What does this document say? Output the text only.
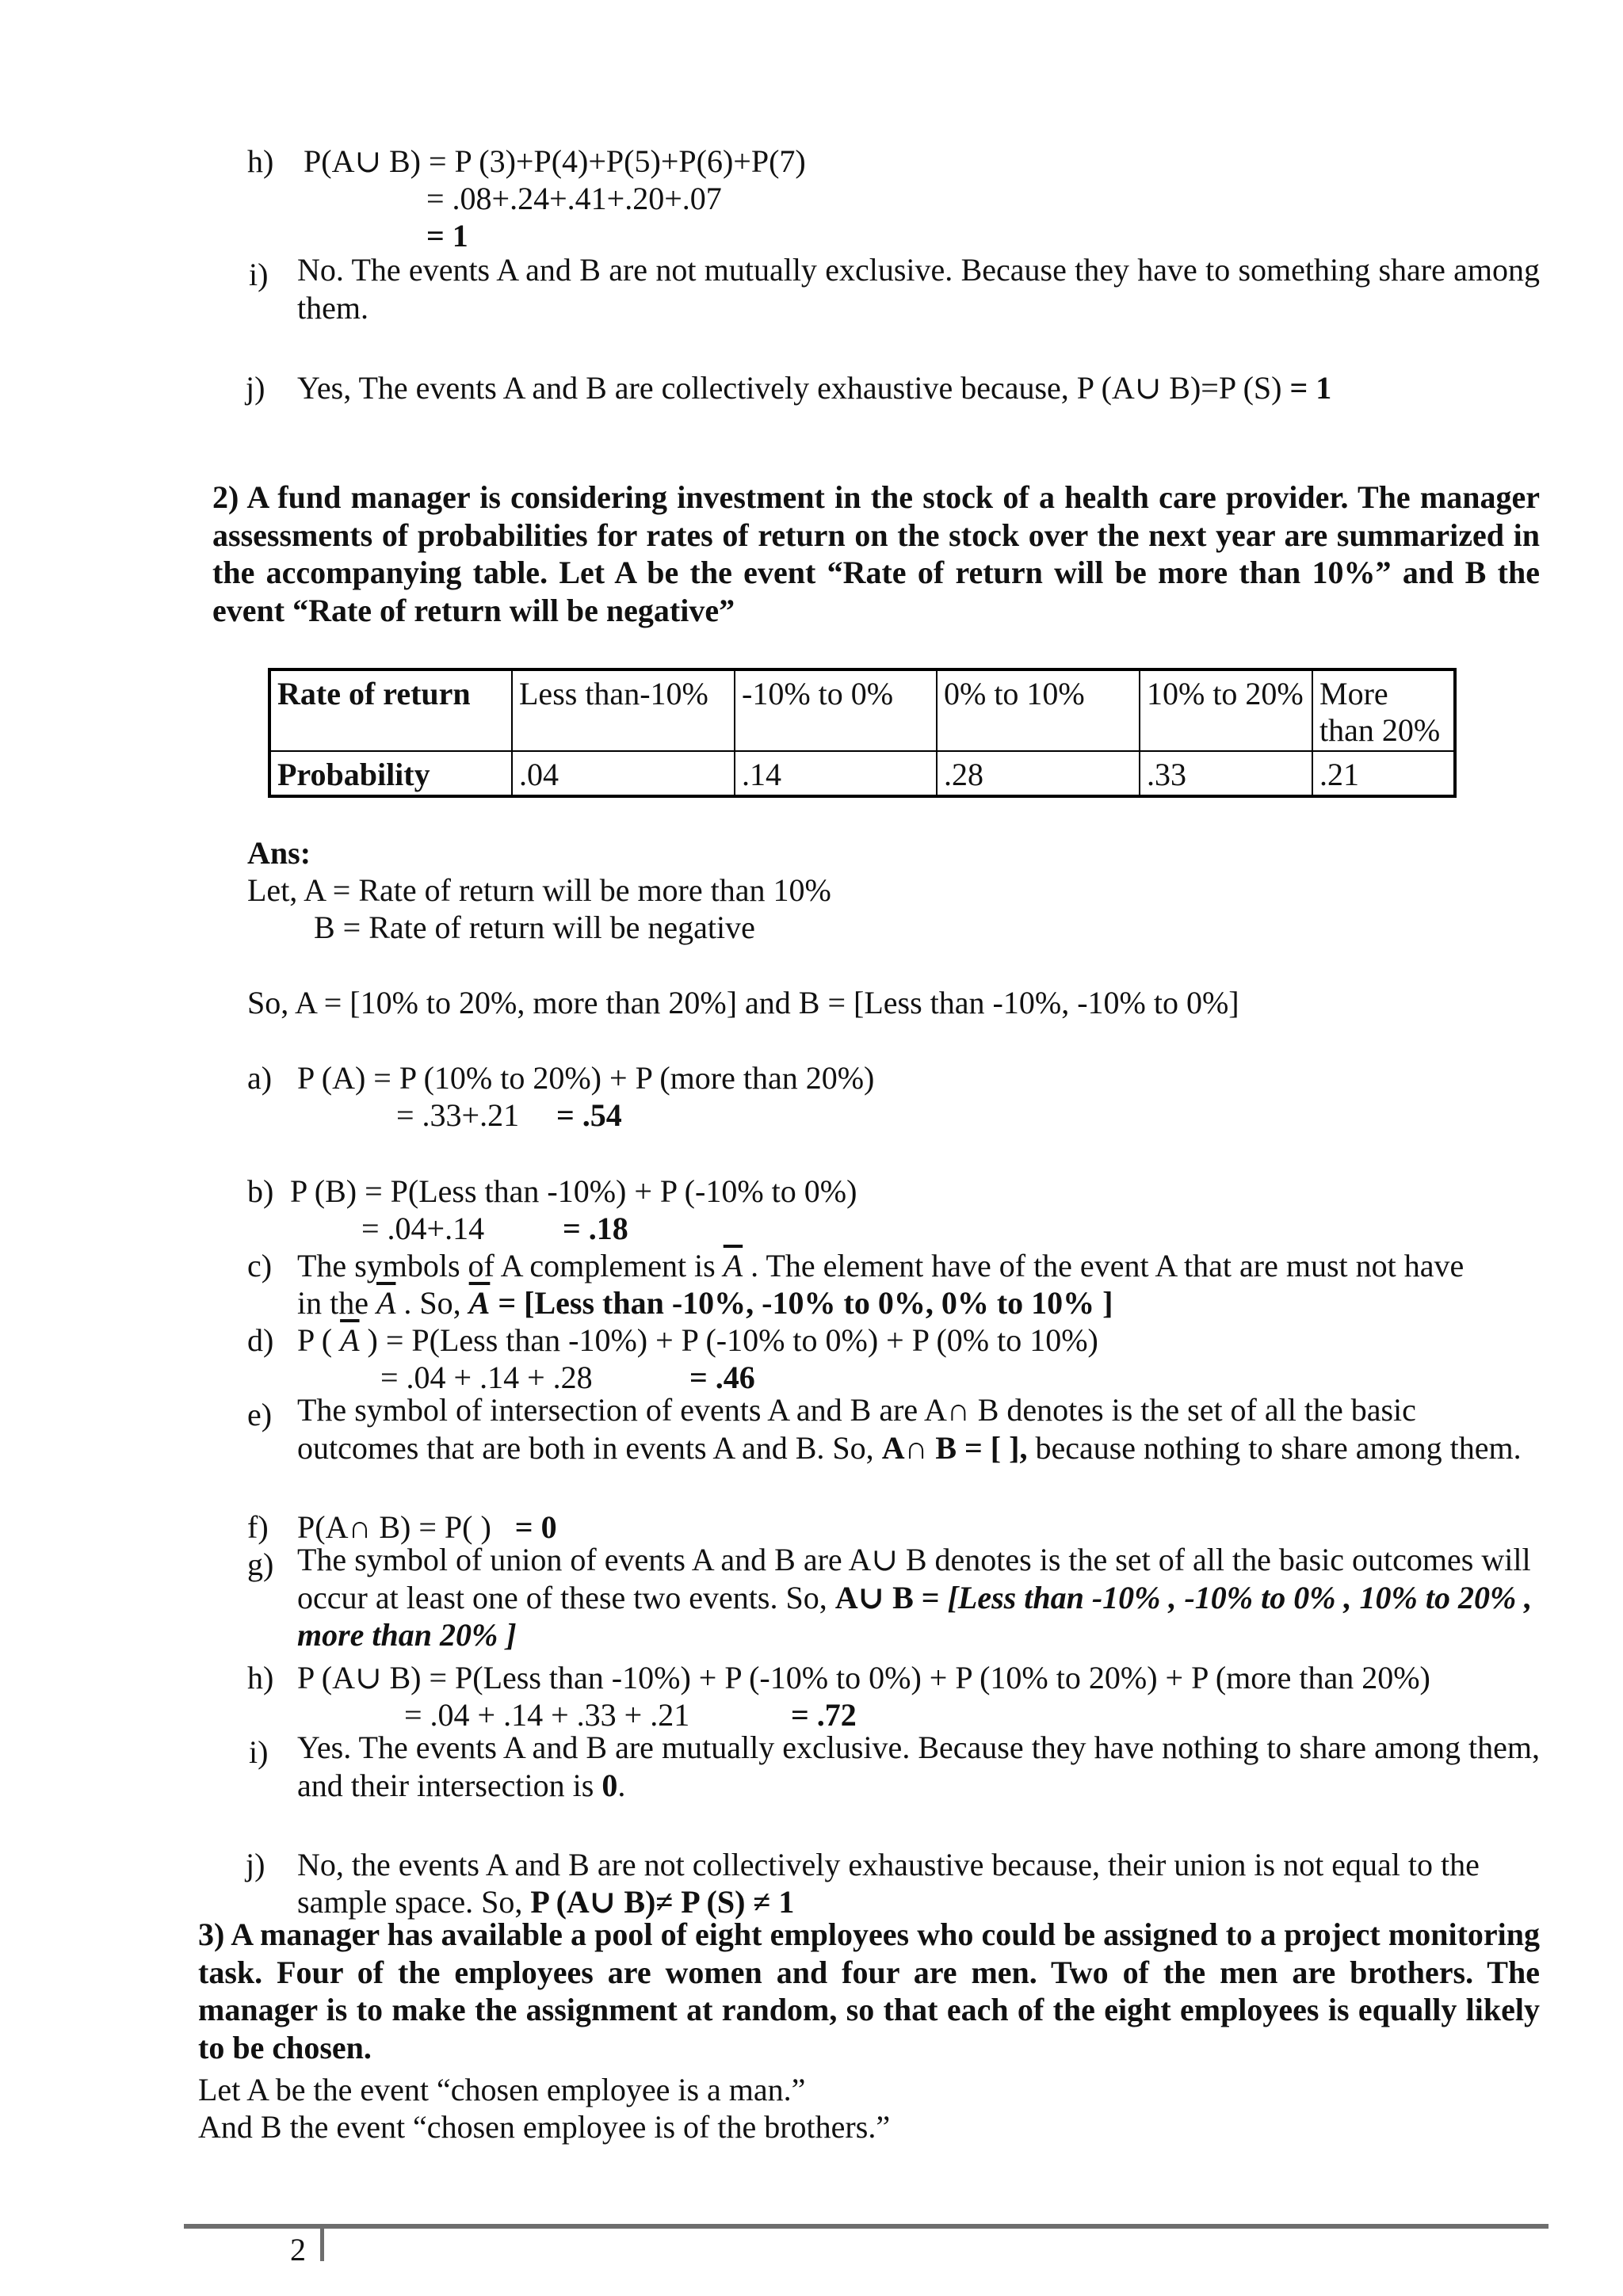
h) P(A∪ B) = P (3)+P(4)+P(5)+P(6)+P(7)
= .08+.24+.41+.20+.07
= 1
i) No. The events A and B are not mutually exclusive. Because they have to something share among them.
j) Yes, The events A and B are collectively exhaustive because, P (A∪ B)=P (S) = 1
2) A fund manager is considering investment in the stock of a health care provider. The manager assessments of probabilities for rates of return on the stock over the next year are summarized in the accompanying table. Let A be the event “Rate of return will be more than 10%” and B the event “Rate of return will be negative”
Rate of return	Less than-10%	-10% to 0%	0% to 10%	10% to 20%	More than 20%
Probability	.04	.14	.28	.33	.21
Ans:
Let, A = Rate of return will be more than 10%
B = Rate of return will be negative
So, A = [10% to 20%, more than 20%] and B = [Less than -10%, -10% to 0%]
a) P (A) = P (10% to 20%) + P (more than 20%)
= .33+.21 = .54
b) P (B) = P(Less than -10%) + P (-10% to 0%)
= .04+.14 = .18
c) The symbols of A complement is $\overline{A}$ . The element have of the event A that are must not have
in the $\overline{A}$ . So, $\overline{A}$ = [Less than -10%, -10% to 0%, 0% to 10% ]
d) P ( $\overline{A}$ ) = P(Less than -10%) + P (-10% to 0%) + P (0% to 10%)
= .04 + .14 + .28	= .46
e) The symbol of intersection of events A and B are A∩ B denotes is the set of all the basic outcomes that are both in events A and B. So, A∩ B = [ ], because nothing to share among them.
f) P(A∩ B) = P( )   = 0
g) The symbol of union of events A and B are A∪ B denotes is the set of all the basic outcomes will occur at least one of these two events. So, A∪ B = [Less than -10% , -10% to 0% , 10% to 20% , more than 20% ]
h) P (A∪ B) = P(Less than -10%) + P (-10% to 0%) + P (10% to 20%) + P (more than 20%)
= .04 + .14 + .33 + .21	= .72
i) Yes. The events A and B are mutually exclusive. Because they have nothing to share among them, and their intersection is 0.
j) No, the events A and B are not collectively exhaustive because, their union is not equal to the
sample space. So, P (A∪ B)≠ P (S) ≠ 1
3) A manager has available a pool of eight employees who could be assigned to a project monitoring task. Four of the employees are women and four are men. Two of the men are brothers. The manager is to make the assignment at random, so that each of the eight employees is equally likely to be chosen.
Let A be the event “chosen employee is a man.”
And B the event “chosen employee is of the brothers.”
2
